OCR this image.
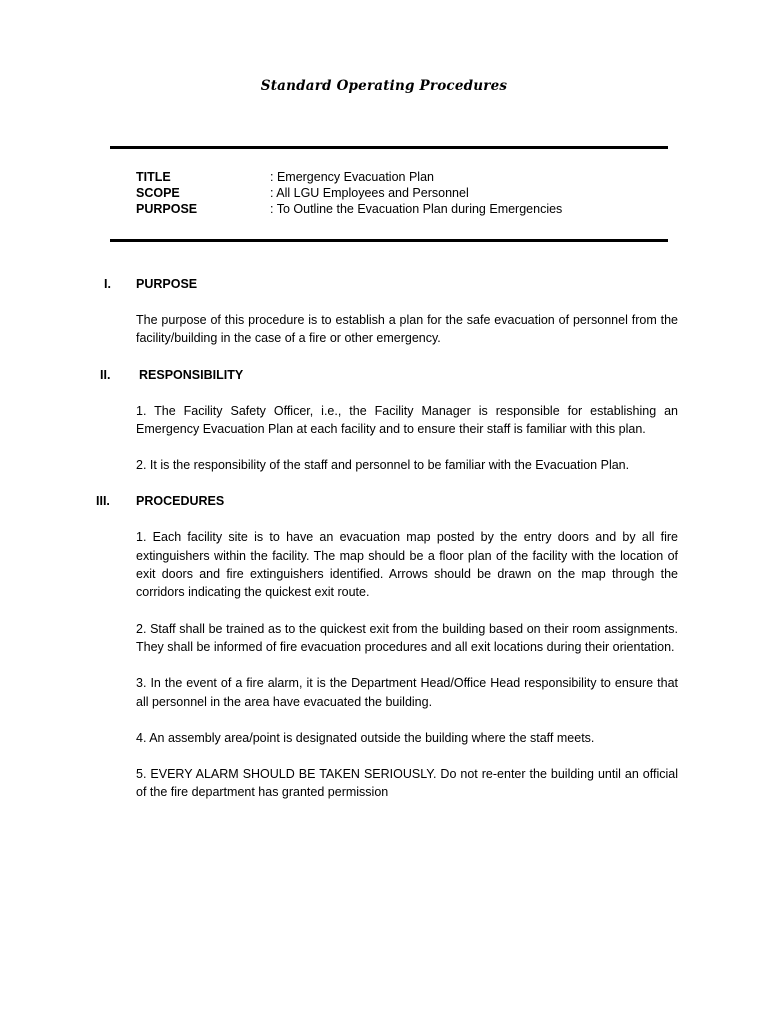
Standard Operating Procedures
TITLE	: Emergency Evacuation Plan
SCOPE	: All LGU Employees and Personnel
PURPOSE	: To Outline the Evacuation Plan during Emergencies
I.	PURPOSE

The purpose of this procedure is to establish a plan for the safe evacuation of personnel from the facility/building in the case of a fire or other emergency.

II.	RESPONSIBILITY

1. The Facility Safety Officer, i.e., the Facility Manager is responsible for establishing an Emergency Evacuation Plan at each facility and to ensure their staff is familiar with this plan.

2. It is the responsibility of the staff and personnel to be familiar with the Evacuation Plan.

III.	PROCEDURES

1. Each facility site is to have an evacuation map posted by the entry doors and by all fire extinguishers within the facility. The map should be a floor plan of the facility with the location of exit doors and fire extinguishers identified. Arrows should be drawn on the map through the corridors indicating the quickest exit route.

2. Staff shall be trained as to the quickest exit from the building based on their room assignments. They shall be informed of fire evacuation procedures and all exit locations during their orientation.

3. In the event of a fire alarm, it is the Department Head/Office Head responsibility to ensure that all personnel in the area have evacuated the building.

4. An assembly area/point is designated outside the building where the staff meets.

5. EVERY ALARM SHOULD BE TAKEN SERIOUSLY. Do not re-enter the building until an official of the fire department has granted permission
